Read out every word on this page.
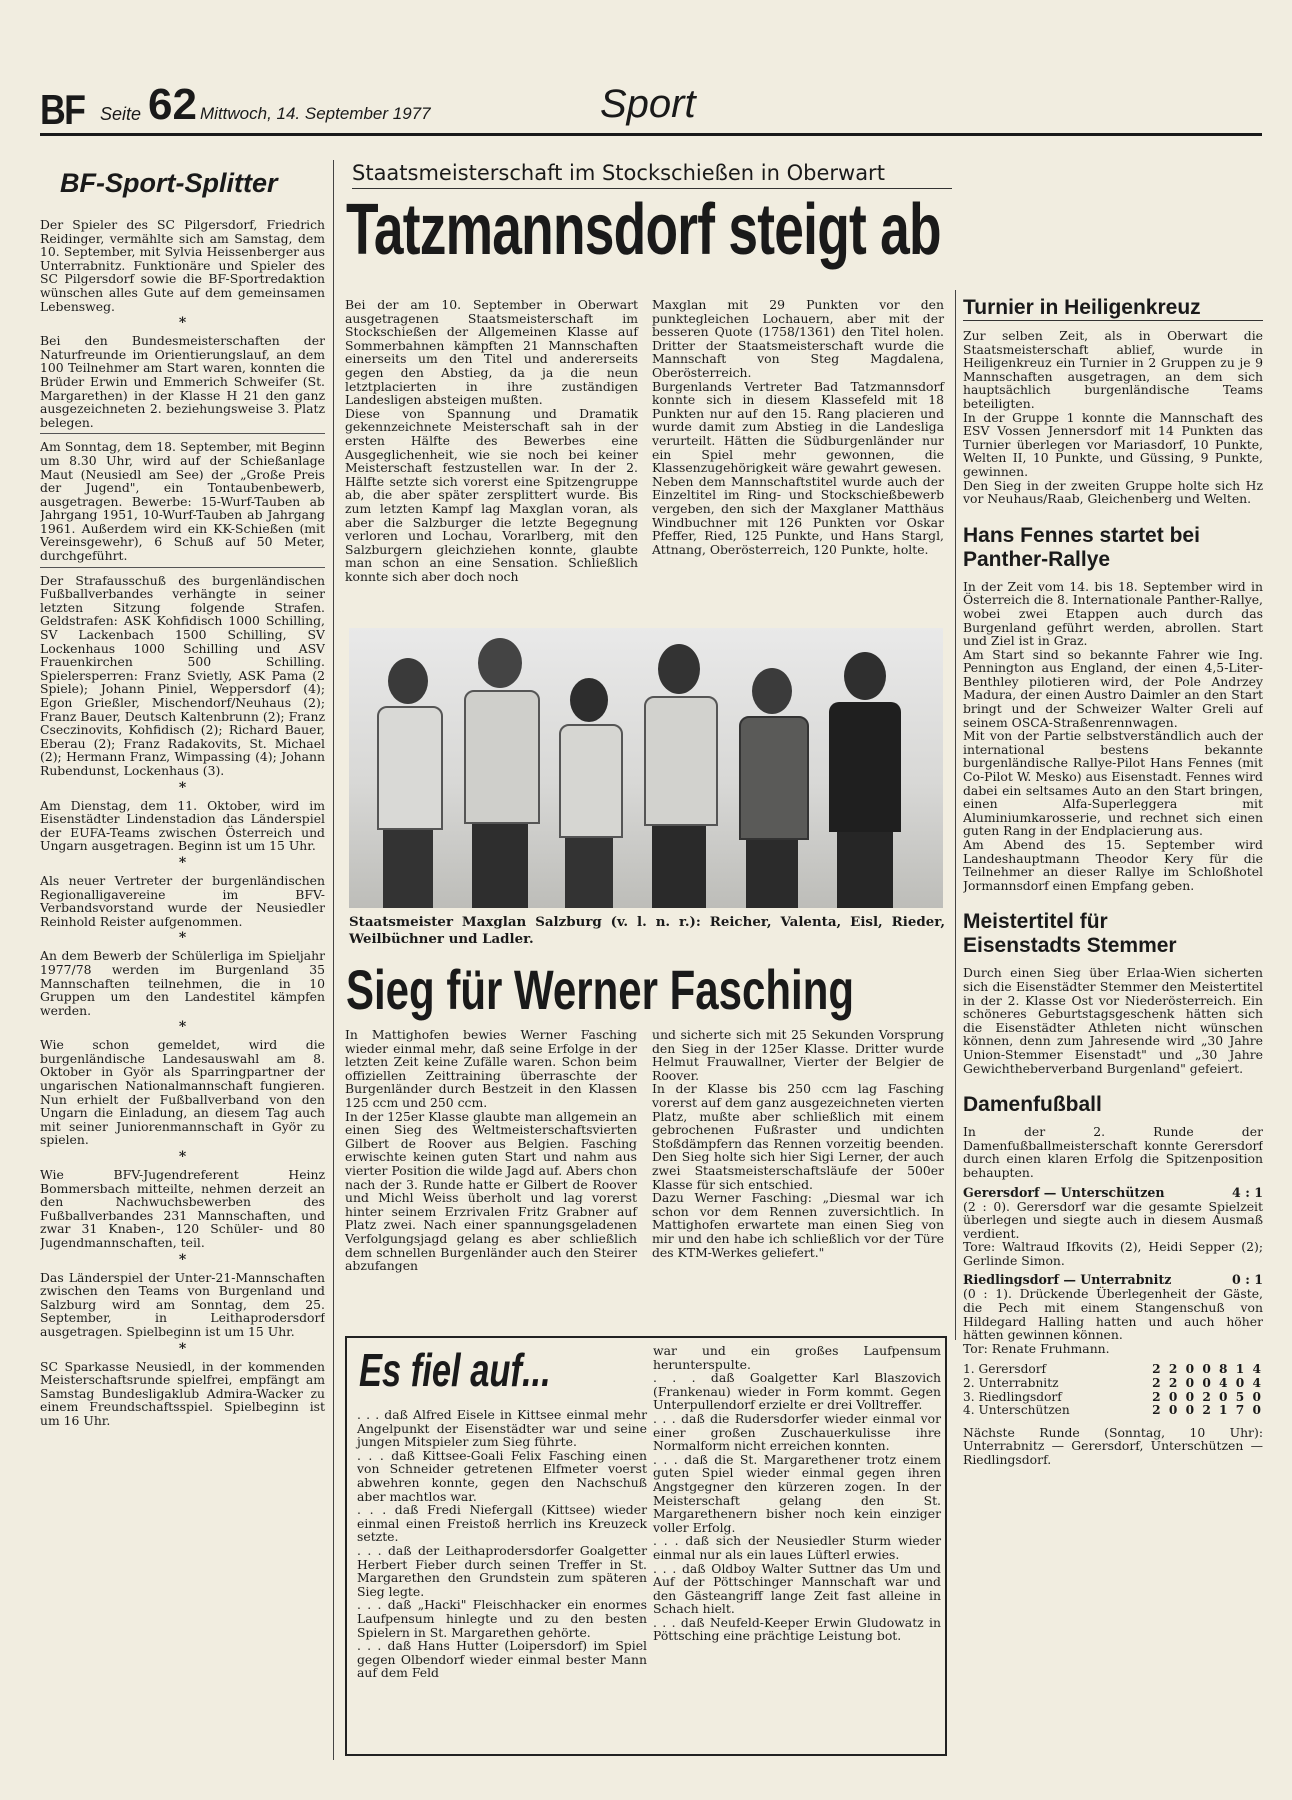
BF Seite 62 Mittwoch, 14. September 1977	Sport
BF-Sport-Splitter

Der Spieler des SC Pilgersdorf, Friedrich Reidinger, vermählte sich am Samstag, dem 10. September, mit Sylvia Heissenberger aus Unterrabnitz. Funktionäre und Spieler des SC Pilgersdorf sowie die BF-Sportredaktion wünschen alles Gute auf dem gemeinsamen Lebensweg.

*

Bei den Bundesmeisterschaften der Naturfreunde im Orientierungslauf, an dem 100 Teilnehmer am Start waren, konnten die Brüder Erwin und Emmerich Schweifer (St. Margarethen) in der Klasse H 21 den ganz ausgezeichneten 2. beziehungsweise 3. Platz belegen.

Am Sonntag, dem 18. September, mit Beginn um 8.30 Uhr, wird auf der Schießanlage Maut (Neusiedl am See) der „Große Preis der Jugend", ein Tontaubenbewerb, ausgetragen. Bewerbe: 15-Wurf-Tauben ab Jahrgang 1951, 10-Wurf-Tauben ab Jahrgang 1961. Außerdem wird ein KK-Schießen (mit Vereinsgewehr), 6 Schuß auf 50 Meter, durchgeführt.

Der Strafausschuß des burgenländischen Fußballverbandes verhängte in seiner letzten Sitzung folgende Strafen. Geldstrafen: ASK Kohfidisch 1000 Schilling, SV Lackenbach 1500 Schilling, SV Lockenhaus 1000 Schilling und ASV Frauenkirchen 500 Schilling. Spielersperren: Franz Svietly, ASK Pama (2 Spiele); Johann Piniel, Weppersdorf (4); Egon Grießler, Mischendorf/Neuhaus (2); Franz Bauer, Deutsch Kaltenbrunn (2); Franz Cseczinovits, Kohfidisch (2); Richard Bauer, Eberau (2); Franz Radakovits, St. Michael (2); Hermann Franz, Wimpassing (4); Johann Rubendunst, Lockenhaus (3).

*

Am Dienstag, dem 11. Oktober, wird im Eisenstädter Lindenstadion das Länderspiel der EUFA-Teams zwischen Österreich und Ungarn ausgetragen. Beginn ist um 15 Uhr.

*

Als neuer Vertreter der burgenländischen Regionalligavereine im BFV-Verbandsvorstand wurde der Neusiedler Reinhold Reister aufgenommen.

*

An dem Bewerb der Schülerliga im Spieljahr 1977/78 werden im Burgenland 35 Mannschaften teilnehmen, die in 10 Gruppen um den Landestitel kämpfen werden.

*

Wie schon gemeldet, wird die burgenländische Landesauswahl am 8. Oktober in Györ als Sparringpartner der ungarischen Nationalmannschaft fungieren. Nun erhielt der Fußballverband von den Ungarn die Einladung, an diesem Tag auch mit seiner Juniorenmannschaft in Györ zu spielen.

*

Wie BFV-Jugendreferent Heinz Bommersbach mitteilte, nehmen derzeit an den Nachwuchsbewerben des Fußballverbandes 231 Mannschaften, und zwar 31 Knaben-, 120 Schüler- und 80 Jugendmannschaften, teil.

*

Das Länderspiel der Unter-21-Mannschaften zwischen den Teams von Burgenland und Salzburg wird am Sonntag, dem 25. September, in Leithaprodersdorf ausgetragen. Spielbeginn ist um 15 Uhr.

*

SC Sparkasse Neusiedl, in der kommenden Meisterschaftsrunde spielfrei, empfängt am Samstag Bundesligaklub Admira-Wacker zu einem Freundschaftsspiel. Spielbeginn ist um 16 Uhr.

Staatsmeisterschaft im Stockschießen in Oberwart
Tatzmannsdorf steigt ab

Bei der am 10. September in Oberwart ausgetragenen Staatsmeisterschaft im Stockschießen der Allgemeinen Klasse auf Sommerbahnen kämpften 21 Mannschaften einerseits um den Titel und andererseits gegen den Abstieg, da ja die neun letztplacierten in ihre zuständigen Landesligen absteigen mußten.
Diese von Spannung und Dramatik gekennzeichnete Meisterschaft sah in der ersten Hälfte des Bewerbes eine Ausgeglichenheit, wie sie noch bei keiner Meisterschaft festzustellen war. In der 2. Hälfte setzte sich vorerst eine Spitzengruppe ab, die aber später zersplittert wurde. Bis zum letzten Kampf lag Maxglan voran, als aber die Salzburger die letzte Begegnung verloren und Lochau, Vorarlberg, mit den Salzburgern gleichziehen konnte, glaubte man schon an eine Sensation. Schließlich konnte sich aber doch noch

Maxglan mit 29 Punkten vor den punktegleichen Lochauern, aber mit der besseren Quote (1758/1361) den Titel holen. Dritter der Staatsmeisterschaft wurde die Mannschaft von Steg Magdalena, Oberösterreich.
Burgenlands Vertreter Bad Tatzmannsdorf konnte sich in diesem Klassefeld mit 18 Punkten nur auf den 15. Rang placieren und wurde damit zum Abstieg in die Landesliga verurteilt. Hätten die Südburgenländer nur ein Spiel mehr gewonnen, die Klassenzugehörigkeit wäre gewahrt gewesen.
Neben dem Mannschaftstitel wurde auch der Einzeltitel im Ring- und Stockschießbewerb vergeben, den sich der Maxglaner Matthäus Windbuchner mit 126 Punkten vor Oskar Pfeffer, Ried, 125 Punkte, und Hans Stargl, Attnang, Oberösterreich, 120 Punkte, holte.

Staatsmeister Maxglan Salzburg (v. l. n. r.): Reicher, Valenta, Eisl, Rieder, Weilbüchner und Ladler.
Sieg für Werner Fasching

In Mattighofen bewies Werner Fasching wieder einmal mehr, daß seine Erfolge in der letzten Zeit keine Zufälle waren. Schon beim offiziellen Zeittraining überraschte der Burgenländer durch Bestzeit in den Klassen 125 ccm und 250 ccm.
In der 125er Klasse glaubte man allgemein an einen Sieg des Weltmeisterschaftsvierten Gilbert de Roover aus Belgien. Fasching erwischte keinen guten Start und nahm aus vierter Position die wilde Jagd auf. Abers chon nach der 3. Runde hatte er Gilbert de Roover und Michl Weiss überholt und lag vorerst hinter seinem Erzrivalen Fritz Grabner auf Platz zwei. Nach einer spannungsgeladenen Verfolgungsjagd gelang es aber schließlich dem schnellen Burgenländer auch den Steirer abzufangen

und sicherte sich mit 25 Sekunden Vorsprung den Sieg in der 125er Klasse. Dritter wurde Helmut Frauwallner, Vierter der Belgier de Roover.
In der Klasse bis 250 ccm lag Fasching vorerst auf dem ganz ausgezeichneten vierten Platz, mußte aber schließlich mit einem gebrochenen Fußraster und undichten Stoßdämpfern das Rennen vorzeitig beenden. Den Sieg holte sich hier Sigi Lerner, der auch zwei Staatsmeisterschaftsläufe der 500er Klasse für sich entschied.
Dazu Werner Fasching: „Diesmal war ich schon vor dem Rennen zuversichtlich. In Mattighofen erwartete man einen Sieg von mir und den habe ich schließlich vor der Türe des KTM-Werkes geliefert."

Es fiel auf...

. . . daß Alfred Eisele in Kittsee einmal mehr Angelpunkt der Eisenstädter war und seine jungen Mitspieler zum Sieg führte.
. . . daß Kittsee-Goali Felix Fasching einen von Schneider getretenen Elfmeter voerst abwehren konnte, gegen den Nachschuß aber machtlos war.
. . . daß Fredi Niefergall (Kittsee) wieder einmal einen Freistoß herrlich ins Kreuzeck setzte.
. . . daß der Leithaprodersdorfer Goalgetter Herbert Fieber durch seinen Treffer in St. Margarethen den Grundstein zum späteren Sieg legte.
. . . daß „Hacki" Fleischhacker ein enormes Laufpensum hinlegte und zu den besten Spielern in St. Margarethen gehörte.
. . . daß Hans Hutter (Loipersdorf) im Spiel gegen Olbendorf wieder einmal bester Mann auf dem Feld

war und ein großes Laufpensum herunterspulte.
. . . daß Goalgetter Karl Blaszovich (Frankenau) wieder in Form kommt. Gegen Unterpullendorf erzielte er drei Volltreffer.
. . . daß die Rudersdorfer wieder einmal vor einer großen Zuschauerkulisse ihre Normalform nicht erreichen konnten.
. . . daß die St. Margarethener trotz einem guten Spiel wieder einmal gegen ihren Angstgegner den kürzeren zogen. In der Meisterschaft gelang den St. Margarethenern bisher noch kein einziger voller Erfolg.
. . . daß sich der Neusiedler Sturm wieder einmal nur als ein laues Lüfterl erwies.
. . . daß Oldboy Walter Suttner das Um und Auf der Pöttschinger Mannschaft war und den Gästeangriff lange Zeit fast alleine in Schach hielt.
. . . daß Neufeld-Keeper Erwin Gludowatz in Pöttsching eine prächtige Leistung bot.

Turnier in Heiligenkreuz

Zur selben Zeit, als in Oberwart die Staatsmeisterschaft ablief, wurde in Heiligenkreuz ein Turnier in 2 Gruppen zu je 9 Mannschaften ausgetragen, an dem sich hauptsächlich burgenländische Teams beteiligten.
In der Gruppe 1 konnte die Mannschaft des ESV Vossen Jennersdorf mit 14 Punkten das Turnier überlegen vor Mariasdorf, 10 Punkte, Welten II, 10 Punkte, und Güssing, 9 Punkte, gewinnen.
Den Sieg in der zweiten Gruppe holte sich Hz vor Neuhaus/Raab, Gleichenberg und Welten.

Hans Fennes startet bei Panther-Rallye

In der Zeit vom 14. bis 18. September wird in Österreich die 8. Internationale Panther-Rallye, wobei zwei Etappen auch durch das Burgenland geführt werden, abrollen. Start und Ziel ist in Graz.
Am Start sind so bekannte Fahrer wie Ing. Pennington aus England, der einen 4,5-Liter-Benthley pilotieren wird, der Pole Andrzey Madura, der einen Austro Daimler an den Start bringt und der Schweizer Walter Greli auf seinem OSCA-Straßenrennwagen.
Mit von der Partie selbstverständlich auch der international bestens bekannte burgenländische Rallye-Pilot Hans Fennes (mit Co-Pilot W. Mesko) aus Eisenstadt. Fennes wird dabei ein seltsames Auto an den Start bringen, einen Alfa-Superleggera mit Aluminiumkarosserie, und rechnet sich einen guten Rang in der Endplacierung aus.
Am Abend des 15. September wird Landeshauptmann Theodor Kery für die Teilnehmer an dieser Rallye im Schloßhotel Jormannsdorf einen Empfang geben.

Meistertitel für Eisenstadts Stemmer

Durch einen Sieg über Erlaa-Wien sicherten sich die Eisenstädter Stemmer den Meistertitel in der 2. Klasse Ost vor Niederösterreich. Ein schöneres Geburtstagsgeschenk hätten sich die Eisenstädter Athleten nicht wünschen können, denn zum Jahresende wird „30 Jahre Union-Stemmer Eisenstadt" und „30 Jahre Gewichtheberverband Burgenland" gefeiert.

Damenfußball

In der 2. Runde der Damenfußballmeisterschaft konnte Gerersdorf durch einen klaren Erfolg die Spitzenposition behaupten.

Gerersdorf — Unterschützen	4 : 1

(2 : 0). Gerersdorf war die gesamte Spielzeit überlegen und siegte auch in diesem Ausmaß verdient.
Tore: Waltraud Ifkovits (2), Heidi Sepper (2); Gerlinde Simon.

Riedlingsdorf — Unterrabnitz	0 : 1

(0 : 1). Drückende Überlegenheit der Gäste, die Pech mit einem Stangenschuß von Hildegard Halling hatten und auch höher hätten gewinnen können.
Tor: Renate Fruhmann.

1. Gerersdorf	2 2 0 0 8 1 4
2. Unterrabnitz	2 2 0 0 4 0 4
3. Riedlingsdorf	2 0 0 2 0 5 0
4. Unterschützen	2 0 0 2 1 7 0

Nächste Runde (Sonntag, 10 Uhr): Unterrabnitz — Gerersdorf, Unterschützen — Riedlingsdorf.
